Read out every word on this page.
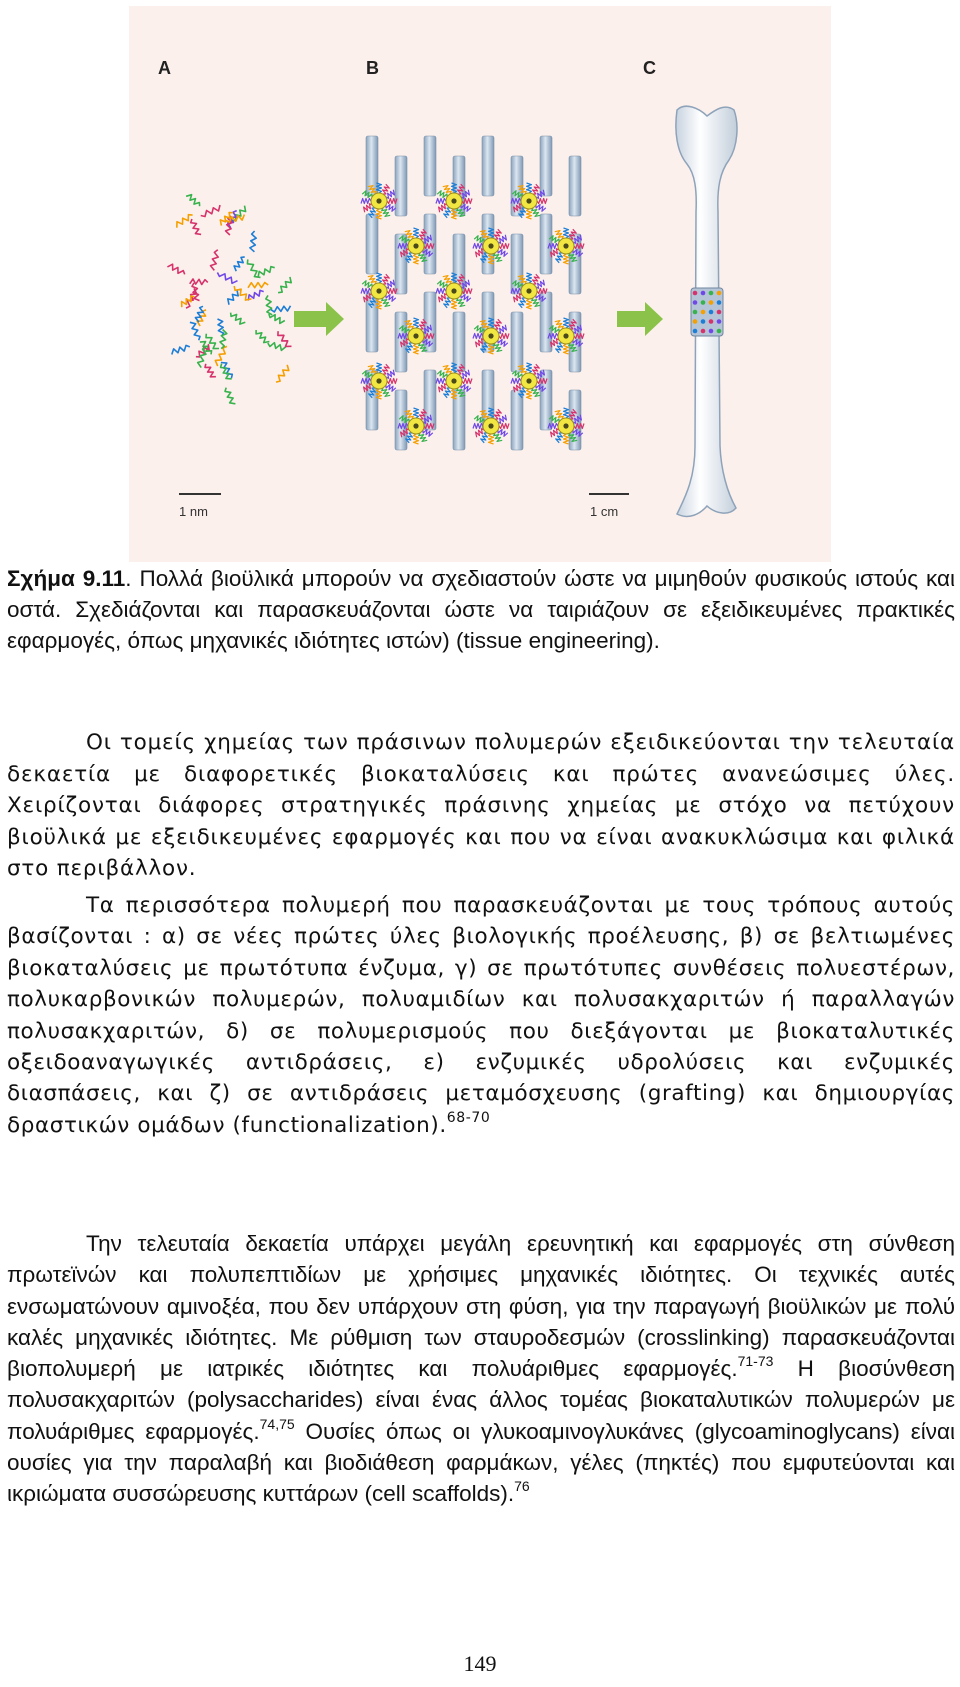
A	B	C
1 nm	1 cm
Σχήμα 9.11. Πολλά βιοϋλικά μπορούν να σχεδιαστούν ώστε να μιμηθούν φυσικούς ιστούς και οστά. Σχεδιάζονται και παρασκευάζονται ώστε να ταιριάζουν σε εξειδικευμένες πρακτικές εφαρμογές, όπως μηχανικές ιδιότητες ιστών) (tissue engineering).
Οι τομείς χημείας των πράσινων πολυμερών εξειδικεύονται την τελευταία δεκαετία με διαφορετικές βιοκαταλύσεις και πρώτες ανανεώσιμες ύλες. Χειρίζονται διάφορες στρατηγικές πράσινης χημείας με στόχο να πετύχουν βιοϋλικά με εξειδικευμένες εφαρμογές και που να είναι ανακυκλώσιμα και φιλικά στο περιβάλλον.
Τα περισσότερα πολυμερή που παρασκευάζονται με τους τρόπους αυτούς βασίζονται : α) σε νέες πρώτες ύλες βιολογικής προέλευσης, β) σε βελτιωμένες βιοκαταλύσεις με πρωτότυπα ένζυμα, γ) σε πρωτότυπες συνθέσεις πολυεστέρων, πολυκαρβονικών πολυμερών, πολυαμιδίων και πολυσακχαριτών ή παραλλαγών πολυσακχαριτών, δ) σε πολυμερισμούς που διεξάγονται με βιοκαταλυτικές οξειδοαναγωγικές αντιδράσεις, ε) ενζυμικές υδρολύσεις και ενζυμικές διασπάσεις, και ζ) σε αντιδράσεις μεταμόσχευσης (grafting) και δημιουργίας δραστικών ομάδων (functionalization).$^{68-70}$
Την τελευταία δεκαετία υπάρχει μεγάλη ερευνητική και εφαρμογές στη σύνθεση πρωτεϊνών και πολυπεπτιδίων με χρήσιμες μηχανικές ιδιότητες. Οι τεχνικές αυτές ενσωματώνουν αμινοξέα, που δεν υπάρχουν στη φύση, για την παραγωγή βιοϋλικών με πολύ καλές μηχανικές ιδιότητες. Με ρύθμιση των σταυροδεσμών (crosslinking) παρασκευάζονται βιοπολυμερή με ιατρικές ιδιότητες και πολυάριθμες εφαρμογές.$^{71-73}$ Η βιοσύνθεση πολυσακχαριτών (polysaccharides) είναι ένας άλλος τομέας βιοκαταλυτικών πολυμερών με πολυάριθμες εφαρμογές.$^{74,75}$ Ουσίες όπως οι γλυκοαμινογλυκάνες (glycoaminoglycans) είναι ουσίες για την παραλαβή και βιοδιάθεση φαρμάκων, γέλες (πηκτές) που εμφυτεύονται και ικριώματα συσσώρευσης κυττάρων (cell scaffolds).$^{76}$
149
